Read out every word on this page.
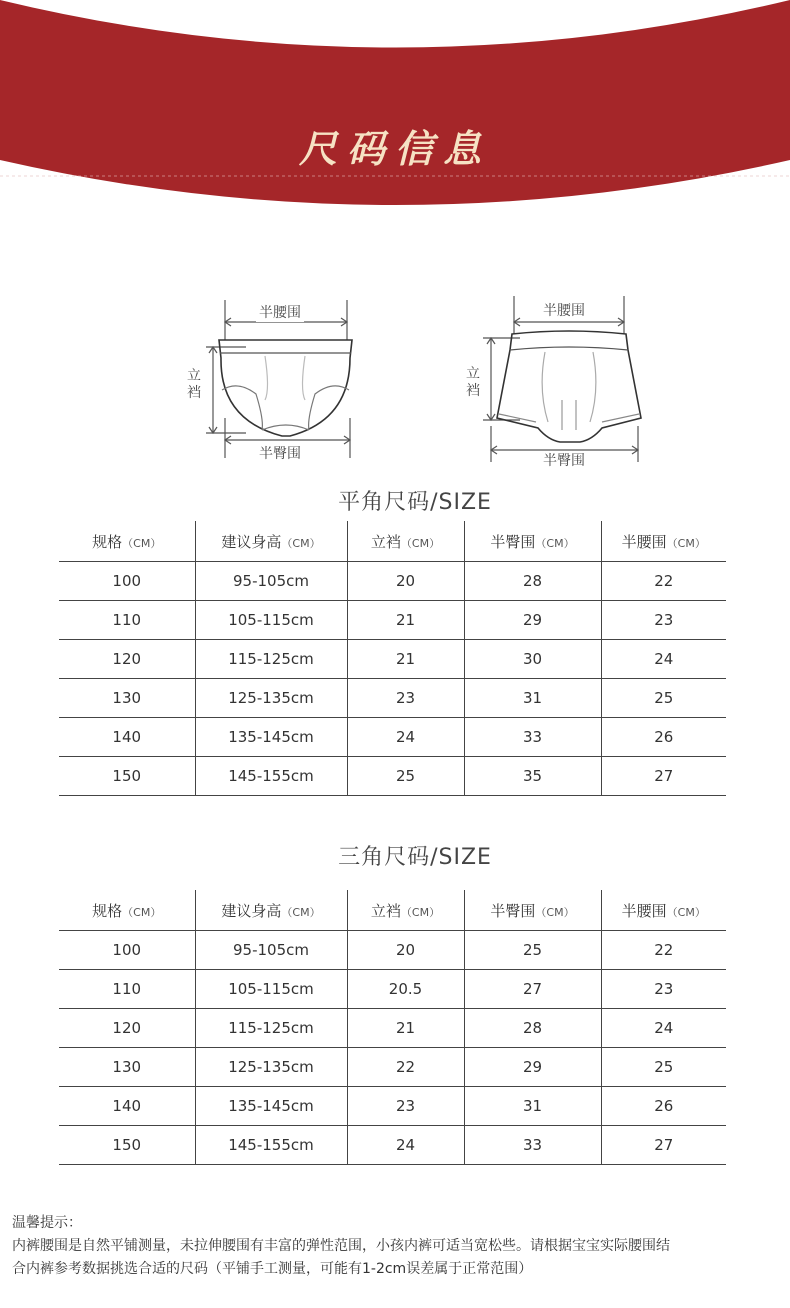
尺码信息
半腰围
立裆
半臀围
半腰围
立裆
半臀围
平角尺码/SIZE
规格（CM）	建议身高（CM）	立裆（CM）	半臀围（CM）	半腰围（CM）
100	95-105cm	20	28	22
110	105-115cm	21	29	23
120	115-125cm	21	30	24
130	125-135cm	23	31	25
140	135-145cm	24	33	26
150	145-155cm	25	35	27
三角尺码/SIZE
规格（CM）	建议身高（CM）	立裆（CM）	半臀围（CM）	半腰围（CM）
100	95-105cm	20	25	22
110	105-115cm	20.5	27	23
120	115-125cm	21	28	24
130	125-135cm	22	29	25
140	135-145cm	23	31	26
150	145-155cm	24	33	27

温馨提示：

内裤腰围是自然平铺测量，未拉伸腰围有丰富的弹性范围，小孩内裤可适当宽松些。请根据宝宝实际腰围结

合内裤参考数据挑选合适的尺码（平铺手工测量，可能有1-2cm误差属于正常范围）
